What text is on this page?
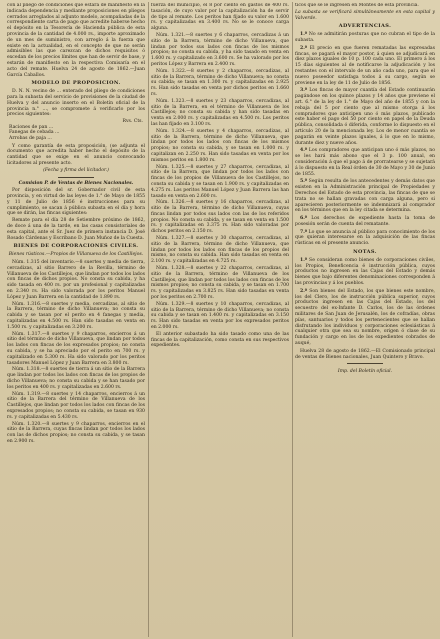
con al pliego de condiciones que estará de manifiesto en la indicada dependencia y mediante proposiciones en pliegos cerrados arreglados al adjunto modelo, acompañadas de la correspondiente carta de pago que acredite haberse hecho el depósito en la Tesorería de Hacienda pública de esta provincia de la cantidad de 4.000 rs., importe aproximado de un mes de suministro, con arreglo á la fuerza que existe en la actualidad, en el concepto de que no serán admisibles las que carezcan de dichos requisitos ó excedan de los precios límites que han de servir de base, y estarán de manifiesto en la respectiva Comisaría en el acto del remate. Huelva 24 de agosto de 1862.—Juan García Caballos.

MODELO DE PROPOSICION.

D. N. N. vecino de ... enterado del pliego de condiciones para la subasta del servicio de provisiones de la ciudad de Huelva y del anuncio inserto en el Boletín oficial de la provincia n.° ..., se compromete á verificarlo por los precios siguientes:

	Rvs. Cts.
Raciones de pan ...	
Fanegas de cebada ...	
Arrobas de paja ...	

Y como garantía de esta proposición, (se adjunta el documento que acredita haber hecho el depósito de la cantidad que se exige en el anuncio convocando licitadores al presente acto.

(Fecha y firma del licitador.)
Comision P. de Ventas de Bienes Nacionales.

Por disposición del sr. Gobernador civil de esta provincia, y en virtud de las leyes de 1.° de Mayo de 1855 y 11 de Julio de 1856 é instrucciones para su cumplimiento, se sacan á pública subasta en el día y hora que se dirán, las fincas siguientes:

Remate para el día 28 de Setiembre próximo de 1862, de doce á una de la tarde, en las casas consistoriales de esta capital, ante el Sr. Juez de primera instancia D. José Rosado Cárdenas y Escribano D. Juan Muñoz de la Cuesta.

BIENES DE CORPORACIONES CIVILES.
Bienes rústicos.—Propios de Villanueva de los Castillejos.

Núm. 1.315 del inventario.—8 suertes y media de tierra, cercadizas, al sitio Barrero de la Revilla, término de Villanueva de los Castillejos, que lindan por todos los lados con fincas de dichos propios. No consta su cabida, y ha sido tasada en 400 rs. por un profesional y capitalizadas en 2.340 rs. Ha sido valorada por los peritos Manuel López y Juan Barrera en la cantidad de 1.890 rs.

Núm. 1.316.—8 suertes y media, cercadizas, al sitio de la Barrera, término de dicho Villanueva; no consta su cabida y se tasan por el perito en 4 fanegas y media, capitalizadas en 4.500 rs. Han sido tasadas en venta en 1.500 rs. y capitalizadas en 3.200 rs.

Núm. 1.317.—8 suertes y 9 chaparros, encierros á un sitio del término de dicho Villanueva, que lindan por todos los lados con fincas de los expresados propios; no consta su cabida, y se ha apreciado por el perito en 700 rs. y capitalizado en 5.300 rs. Ha sido valorado por los peritos tasadores Manuel López y Juan Barrera en 3.800 rs.

Núm. 1.318.—8 suertes de tierra á un sitio de la Barrera que lindan por todos los lados con fincas de los propios de dicho Villanueva; no consta su cabida y se han tasado por los peritos en 400 rs. y capitalizadas en 2.600 rs.

Núm. 1.319.—8 suertes y 14 chaparros, encierros á un sitio de la Barrera del término de Villanueva de los Castillejos, que lindan por todos los lados con fincas de los expresados propios; no consta su cabida, se tasan en 930 rs. y capitalizadas en 5.430 rs.

Núm. 1.320.—8 suertes y 9 chaparros, encierros en el sitio de la Barrera, cuyas fincas lindan por todos los lados con las de dichos propios; no consta su cabida, y se tasan en 2.900 rs.

fuerza del municipio, el 8 por ciento en gastos de 400 rs. tasación, de cuyo valor por la capitalización ha de servir de tipo al remate. Los peritos han fijado su valor en 1.600 rs. y capitalizadas en 3.400 rs. No se le conoce carga alguna.

Núm. 1.321.—8 suertes y 6 chaparros, cercadizas á un sitio de la Barrera, término de dicho Villanueva, que lindan por todos sus lados con fincas de los mismos propios; no consta su cabida, y ha sido tasado en venta en 1.600 rs. y capitalizado en 3.600 rs. Se ha valorado por los peritos López y Barrera en 2.400 rs.

Núm. 1.322.—8 suertes y 2 chaparros, cercadizas, al sitio de la Barrera, término de dicho Villanueva; no consta su cabida; se tasan en 1.300 rs. y capitalizadas en 2.925 rs. Han sido tasadas en venta por dichos peritos en 1.660 rs.

Núm. 1.323.—8 suertes y 23 chaparros, cercadizas, al sitio de la Barrera, en el término de Villanueva de los Castillejos; no consta su cabida y han sido tasadas en venta en 2.000 rs. y capitalizadas en 4.500 rs. Los peritos las han fijado en 3.100 rs.

Núm. 1.324.—8 suertes y 4 chaparros, cercadizas, al sitio de la Barrera, término de dicho Villanueva, que lindan por todos los lados con fincas de los mismos propios; no consta su cabida, y se tasan en 1.000 rs. y capitalizan en 2.250 rs. Han sido tasadas en venta por los mismos peritos en 1.800 rs.

Núm. 1.325.—8 suertes y 27 chaparros, cercadizas, al sitio de la Barrera, que lindan por todos los lados con fincas de los propios de Villanueva de los Castillejos, no consta su cabida y se tasan en 1.900 rs. y capitalizadas en 4.275 rs. Los peritos Manuel López y Juan Barrera las han tasado en venta en 2.600 rs.

Núm. 1.326.—8 suertes y 16 chaparros, cercadizas, al sitio de la Barrera, término de dicho Villanueva, cuyas fincas lindan por todos sus lados con las de los referidos propios. No consta su cabida, y se tasan en venta en 1.500 rs. y capitalizadas en 3.375 rs. Han sido valoradas por dichos peritos en 2.150 rs.

Núm. 1.327.—8 suertes y 30 chaparros, cercadizas, al sitio de la Barrera, término de dicho Villanueva, que lindan por todos los lados con fincas de los propios del mismo, no consta su cabida. Han sido tasadas en venta en 2.100 rs. y capitalizadas en 4.725 rs.

Núm. 1.328.—8 suertes y 22 chaparros, cercadizas, al sitio de la Barrera, término de Villanueva de los Castillejos, que lindan por todos los lados con fincas de los mismos propios; no consta su cabida, y se tasan en 1.700 rs. y capitalizadas en 3.825 rs. Han sido tasadas en venta por los peritos en 2.700 rs.

Núm. 1.329.—8 suertes y 10 chaparros, cercadizas, al sitio de la Barrera, término de dicho Villanueva; no consta su cabida y se tasan en 1.400 rs. y capitalizadas en 3.150 rs. Han sido tasadas en venta por los expresados peritos en 2.000 rs.

El anterior subastado ha sido tasado como una de las fincas de la capitalización, como consta en sus respectivos expedientes.

ticos que se le ingresen en Montes de esta provincia.

La subasta se verificará simultáneamente en esta capital y Valverde.

ADVERTENCIAS.

1.ª No se admitirán posturas que no cubran el tipo de la subasta.

2.ª El precio en que fueren rematadas las expresadas fincas, se pagará el mayor postor, á quien se adjudicará en diez plazos iguales de 10 p. 100 cada uno. El primero á los 15 días siguientes al de notificarse la adjudicación y los restantes con el intervalo de un año cada uno, para que el nuevo poseedor satisfaga todos á su cargo, según se previene en la ley de 11 de Julio de 1856.

3.ª Los fincas de mayor cuantía del Estado continuarán pagándose en los quince plazos y 14 años que previene el art. 6.° de la ley de 1.° de Mayo del año de 1855 y con la rebaja del 5 por ciento que al mismo otorga á los compradores que anticipen uno ó más plazos, publicado este haber el pago del 50 por ciento en papel de la Deuda pública, consolidada ó diferida, conforme lo dispuesto en el artículo 20 de la mencionada ley. Los de menor cuantía se pagarán en veinte plazos iguales, á lo que en lo mismo, durante diez y nueve años.

4.ª Los compradores que anticipan uno ó más plazos, no se les hará más abono que el 3 p. 100 anual, en consideración á que el pago á de prorratearse y se sujetará á lo dispuesto en la Real órden de 30 de Mayo y 30 de Junio de 1855.

5.ª Según resulta de los antecedentes y demás datos que existen en la Administración principal de Propiedades y Derechos del Estado de esta provincia, las fincas de que se trata no se hallan gravadas con carga alguna, pero si aparecieren posteriormente se indemnizará al comprador en los términos que en la ley citada se determina.

6.ª Los derechos de expediente hasta la toma de posesión serán de cuenta del rematante.

7.ª Lo que se anuncia al público para conocimiento de los que quieran interesarse en la adquisición de las fincas rústicas en el presente anuncio.

NOTAS.

1.ª Se consideran como bienes de corporaciones civiles, los Propios, Beneficencia é instrucción pública, cuyos productos no ingresen en las Cajas del Estado y demás bienes que bajo diferentes denominaciones corresponden á las provincias y á los pueblos.

2.ª Son bienes del Estado, los que bienes este nombre, los del Clero, los de instrucción pública superior, cuyos productos ingresen en las Cajas del Estado, los del secuestro del ex-Infante D. Carlos, los de las órdenes militares de San Juan de Jerusalén, los de cofradías, obras pías, santuarios y todos los pertenecientes que se hallan disfrutando los individuos y corporaciones eclesiásticas á cualquier otra que sea su nombre, origen ó clase de su fundación y cargo en los de los expedientes cobrados de auqué,

Huelva 28 de agosto de 1862.—El Comisionado principal de ventas de Bienes nacionales, Juan Quintero y Bravo.

Imp. del Boletín oficial.
